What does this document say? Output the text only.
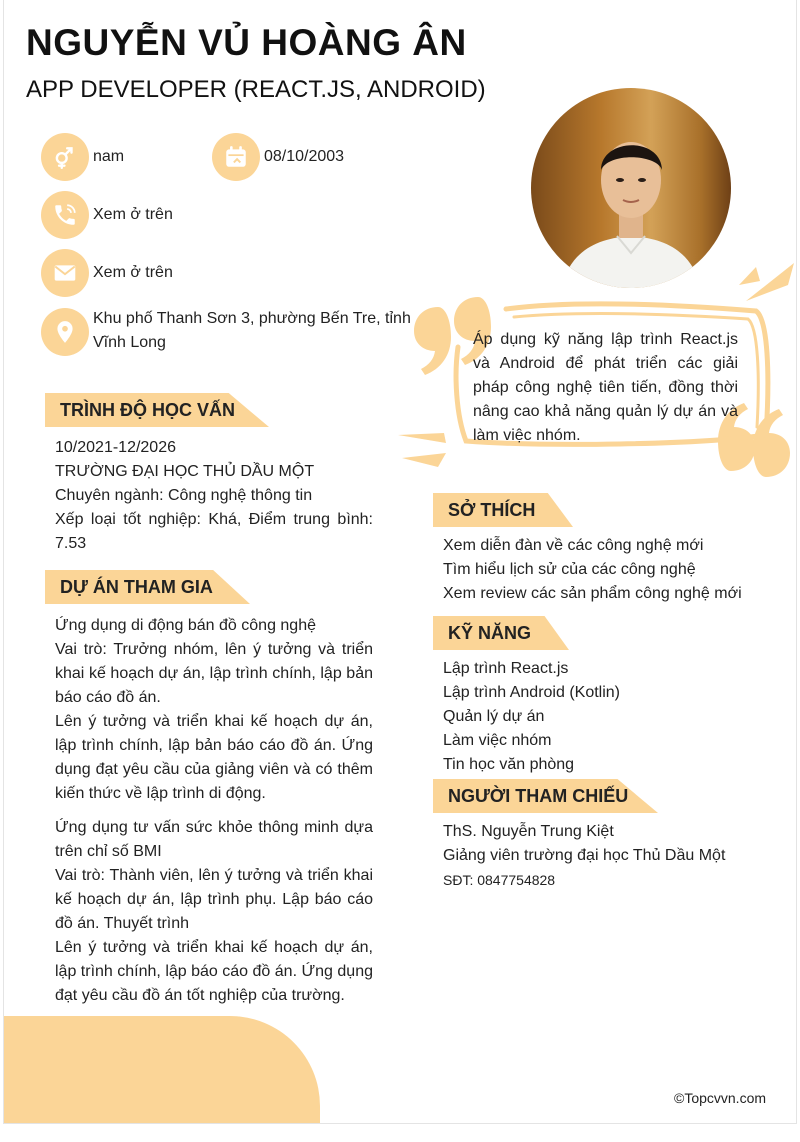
NGUYỄN VỦ HOÀNG ÂN
APP DEVELOPER (REACT.JS, ANDROID)
nam	08/10/2003
Xem ở trên
Xem ở trên
Khu phố Thanh Sơn 3, phường Bến Tre, tỉnh
Vĩnh Long	Áp dụng kỹ năng lập trình React.js và Android để phát triển các giải pháp công nghệ tiên tiến, đồng thời nâng cao khả năng quản lý dự án và làm việc nhóm.
TRÌNH ĐỘ HỌC VẤN
10/2021-12/2026
TRƯỜNG ĐẠI HỌC THỦ DẦU MỘT
Chuyên ngành: Công nghệ thông tin
Xếp loại tốt nghiệp: Khá, Điểm trung bình: 7.53
DỰ ÁN THAM GIA
Ứng dụng di động bán đồ công nghệ
Vai trò: Trưởng nhóm, lên ý tưởng và triển khai kế hoạch dự án, lập trình chính, lập bản báo cáo đồ án.
Lên ý tưởng và triển khai kế hoạch dự án, lập trình chính, lập bản báo cáo đồ án. Ứng dụng đạt yêu cầu của giảng viên và có thêm kiến thức về lập trình di động.
Ứng dụng tư vấn sức khỏe thông minh dựa trên chỉ số BMI
Vai trò: Thành viên, lên ý tưởng và triển khai kế hoạch dự án, lập trình phụ. Lập báo cáo đồ án. Thuyết trình
Lên ý tưởng và triển khai kế hoạch dự án, lập trình chính, lập báo cáo đồ án. Ứng dụng đạt yêu cầu đồ án tốt nghiệp của trường.
SỞ THÍCH
Xem diễn đàn về các công nghệ mới
Tìm hiểu lịch sử của các công nghệ
Xem review các sản phẩm công nghệ mới
KỸ NĂNG
Lập trình React.js
Lập trình Android (Kotlin)
Quản lý dự án
Làm việc nhóm
Tin học văn phòng
NGƯỜI THAM CHIẾU
ThS. Nguyễn Trung Kiệt
Giảng viên trường đại học Thủ Dầu Một
SĐT: 0847754828
©Topcvvn.com
